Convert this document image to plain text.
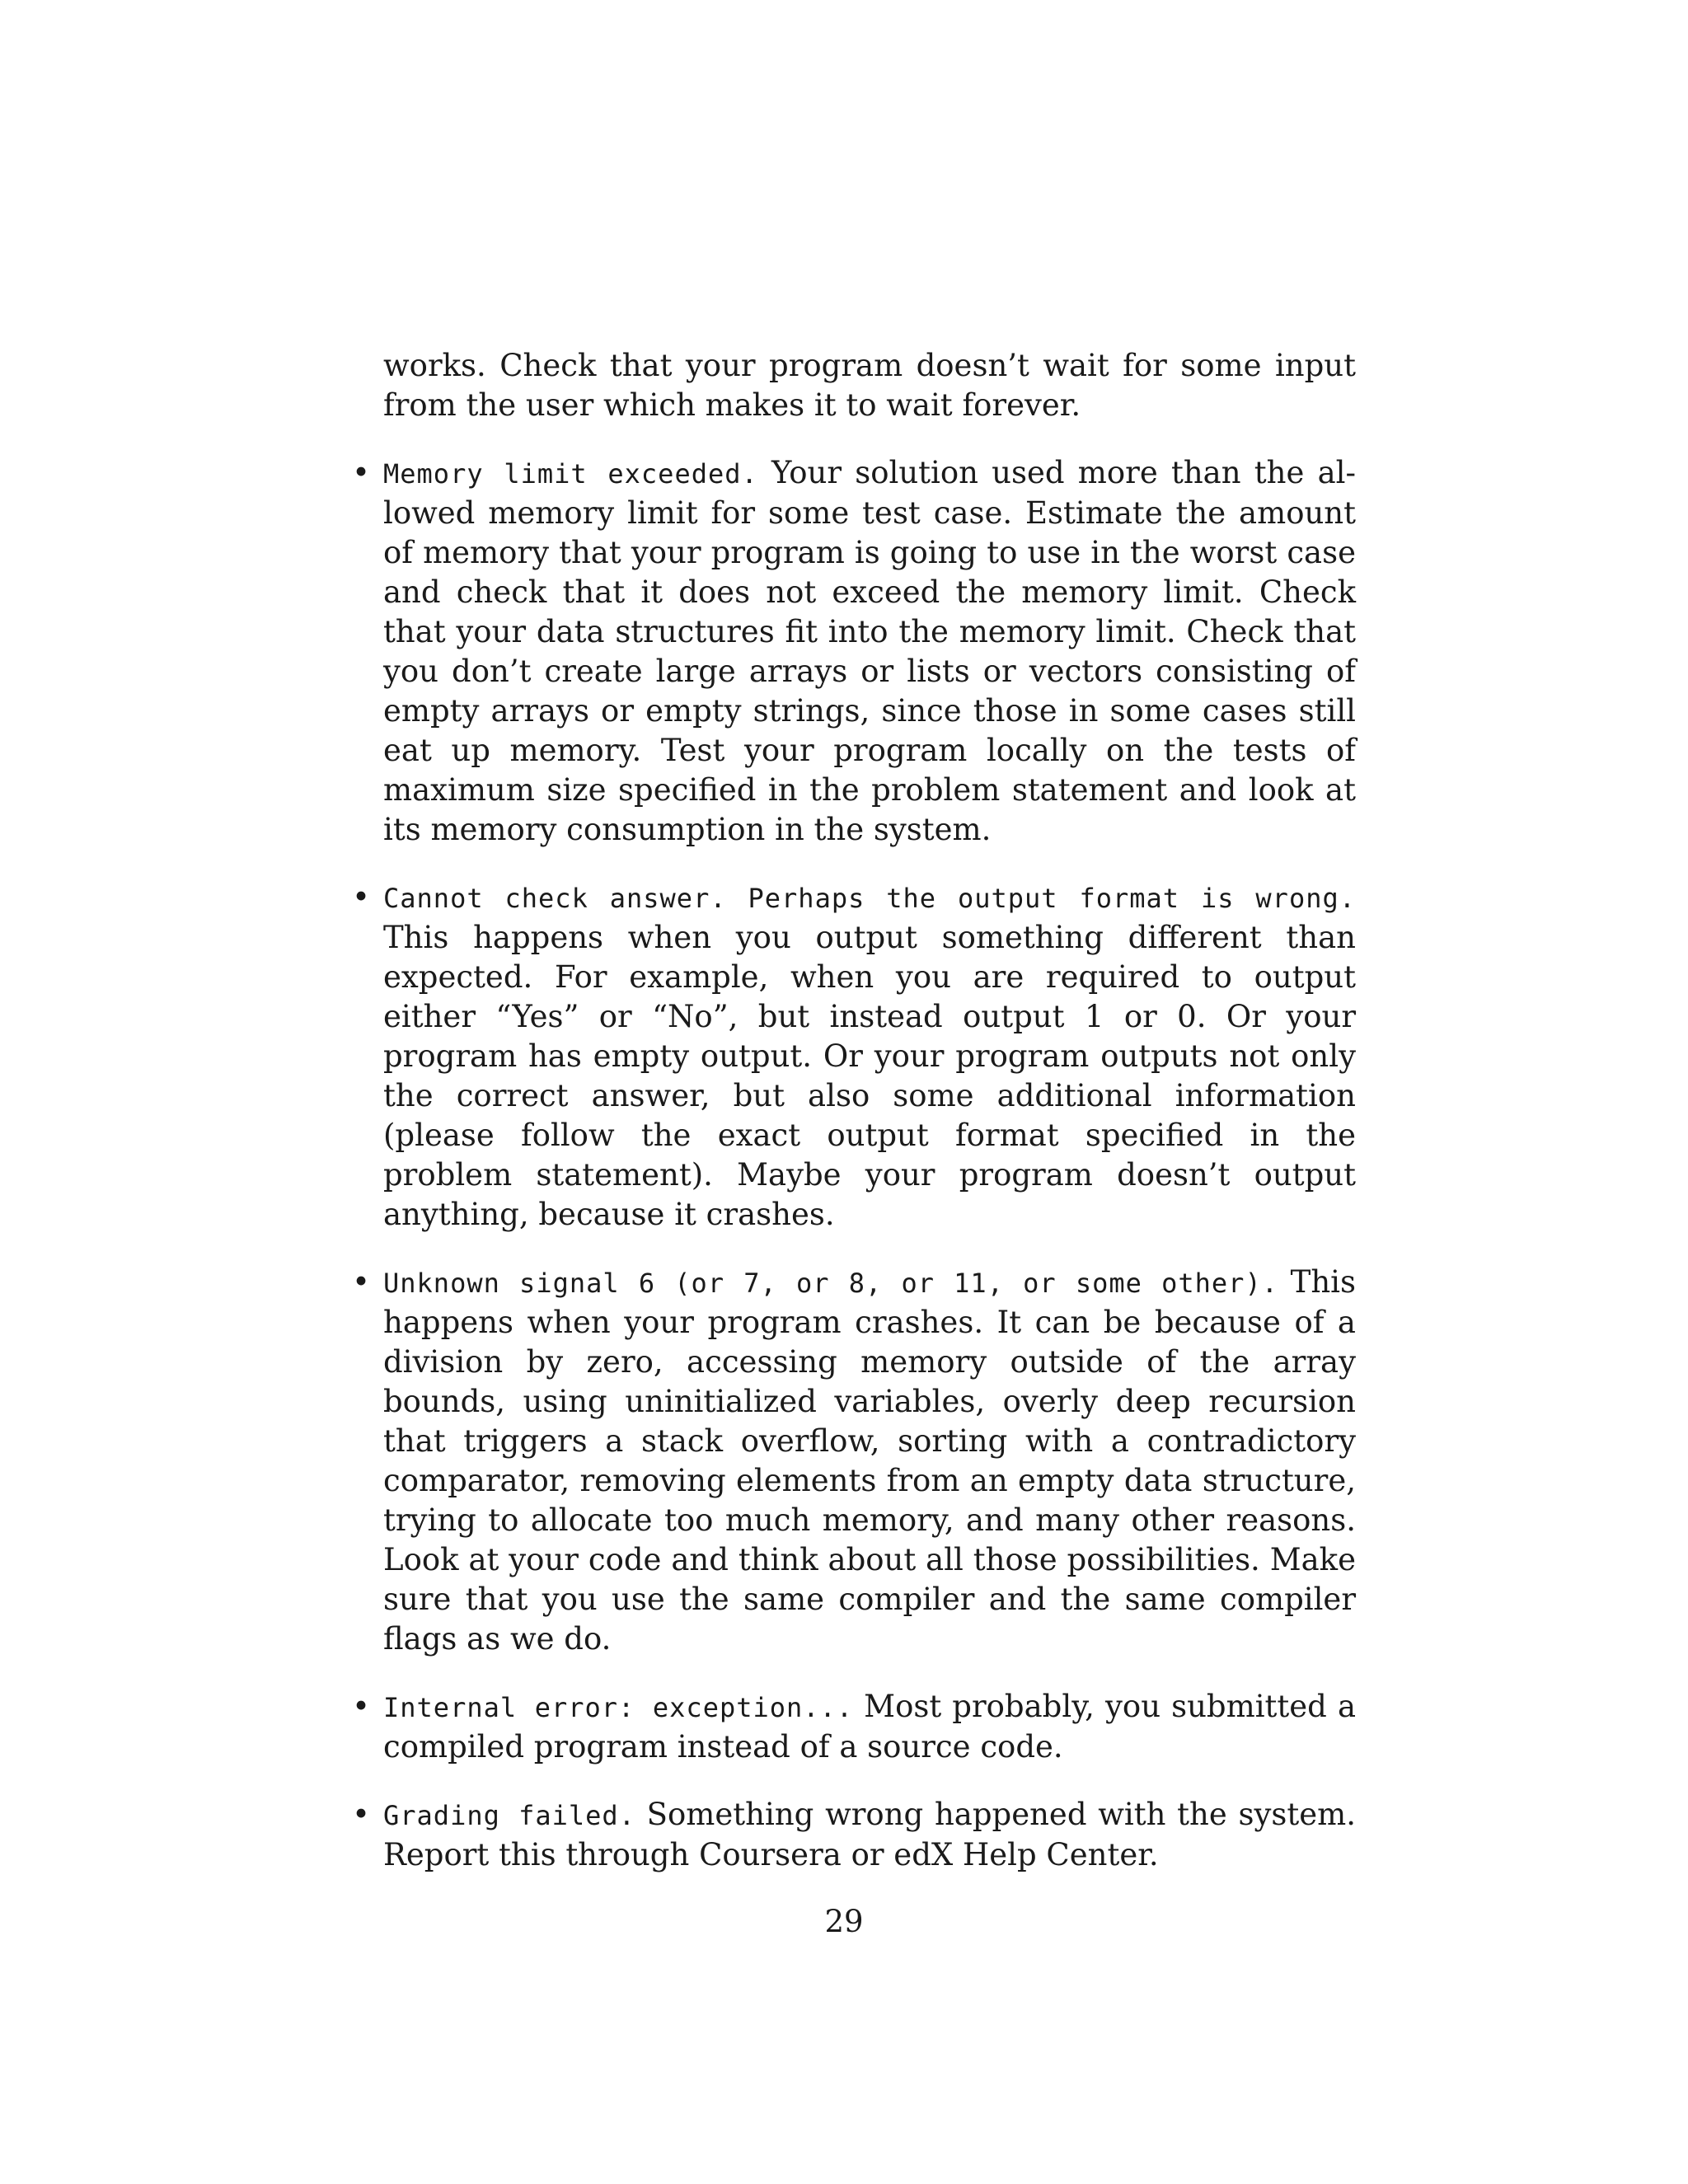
works. Check that your program doesn’t wait for some input from the user which makes it to wait forever.

• Memory limit exceeded. Your solution used more than the allowed memory limit for some test case. Estimate the amount of memory that your program is going to use in the worst case and check that it does not exceed the memory limit. Check that your data structures fit into the memory limit. Check that you don’t create large arrays or lists or vectors consisting of empty arrays or empty strings, since those in some cases still eat up memory. Test your program locally on the tests of maximum size specified in the problem statement and look at its memory consumption in the system.
• Cannot check answer. Perhaps the output format is wrong. This happens when you output something different than expected. For example, when you are required to output either “Yes” or “No”, but instead output 1 or 0. Or your program has empty output. Or your program outputs not only the correct answer, but also some additional information (please follow the exact output format specified in the problem statement). Maybe your program doesn’t output anything, because it crashes.
• Unknown signal 6 (or 7, or 8, or 11, or some other). This happens when your program crashes. It can be because of a division by zero, accessing memory outside of the array bounds, using uninitialized variables, overly deep recursion that triggers a stack overflow, sorting with a contradictory comparator, removing elements from an empty data structure, trying to allocate too much memory, and many other reasons. Look at your code and think about all those possibilities. Make sure that you use the same compiler and the same compiler flags as we do.
• Internal error: exception... Most probably, you submitted a compiled program instead of a source code.
• Grading failed. Something wrong happened with the system. Report this through Coursera or edX Help Center.
29
